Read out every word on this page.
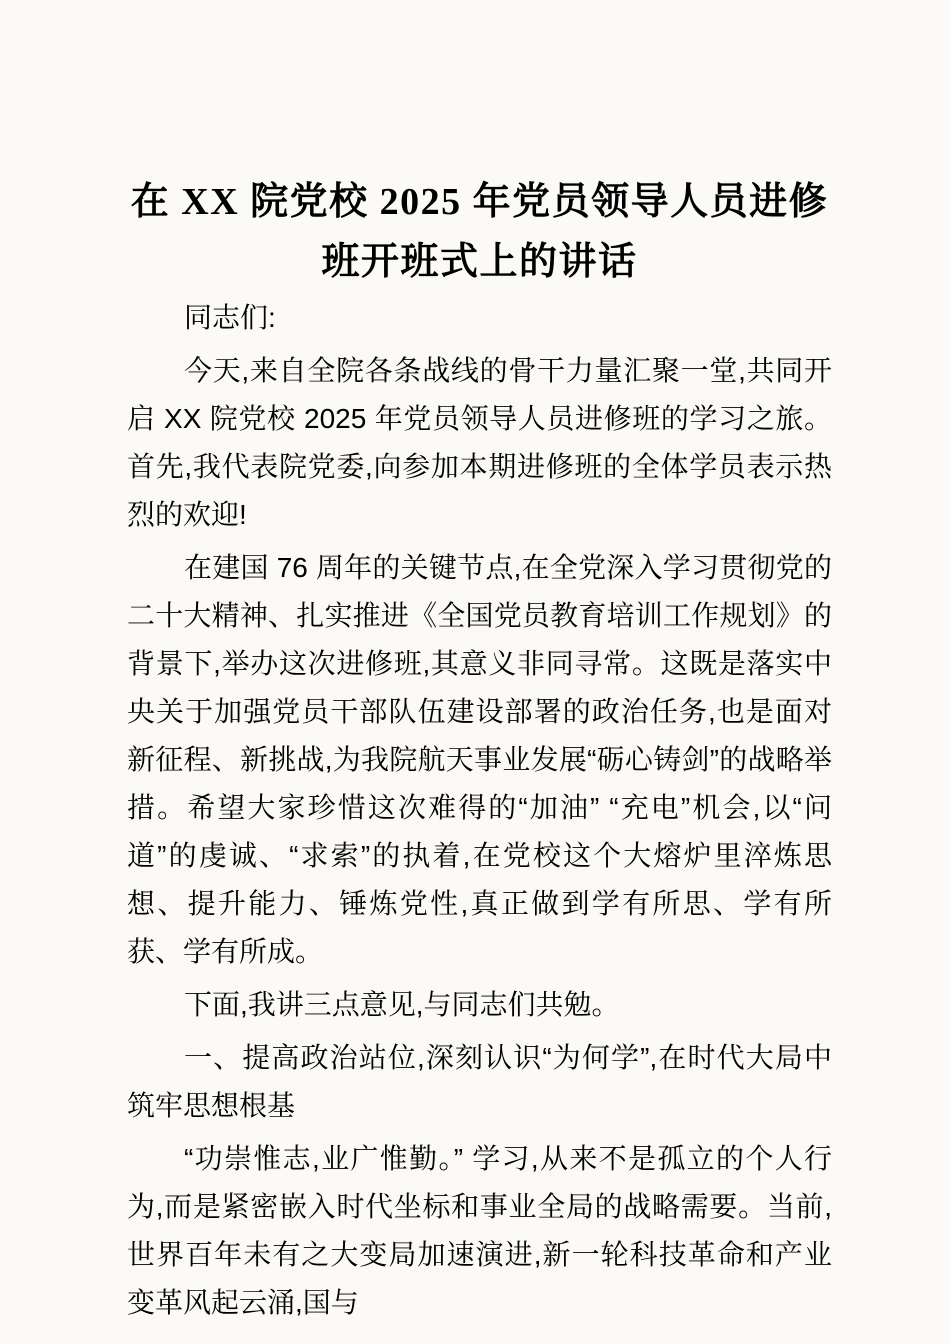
在 XX 院党校 2025 年党员领导人员进修
班开班式上的讲话

同志们:

今天,来自全院各条战线的骨干力量汇聚一堂,共同开启 XX 院党校 2025 年党员领导人员进修班的学习之旅。首先,我代表院党委,向参加本期进修班的全体学员表示热烈的欢迎!

在建国 76 周年的关键节点,在全党深入学习贯彻党的二十大精神、扎实推进《全国党员教育培训工作规划》的背景下,举办这次进修班,其意义非同寻常。这既是落实中央关于加强党员干部队伍建设部署的政治任务,也是面对新征程、新挑战,为我院航天事业发展“砺心铸剑”的战略举措。希望大家珍惜这次难得的“加油” “充电”机会,以“问道”的虔诚、“求索”的执着,在党校这个大熔炉里淬炼思想、提升能力、锤炼党性,真正做到学有所思、学有所获、学有所成。

下面,我讲三点意见,与同志们共勉。

一、提高政治站位,深刻认识“为何学”,在时代大局中筑牢思想根基

“功崇惟志,业广惟勤。” 学习,从来不是孤立的个人行为,而是紧密嵌入时代坐标和事业全局的战略需要。当前,世界百年未有之大变局加速演进,新一轮科技革命和产业变革风起云涌,国与
